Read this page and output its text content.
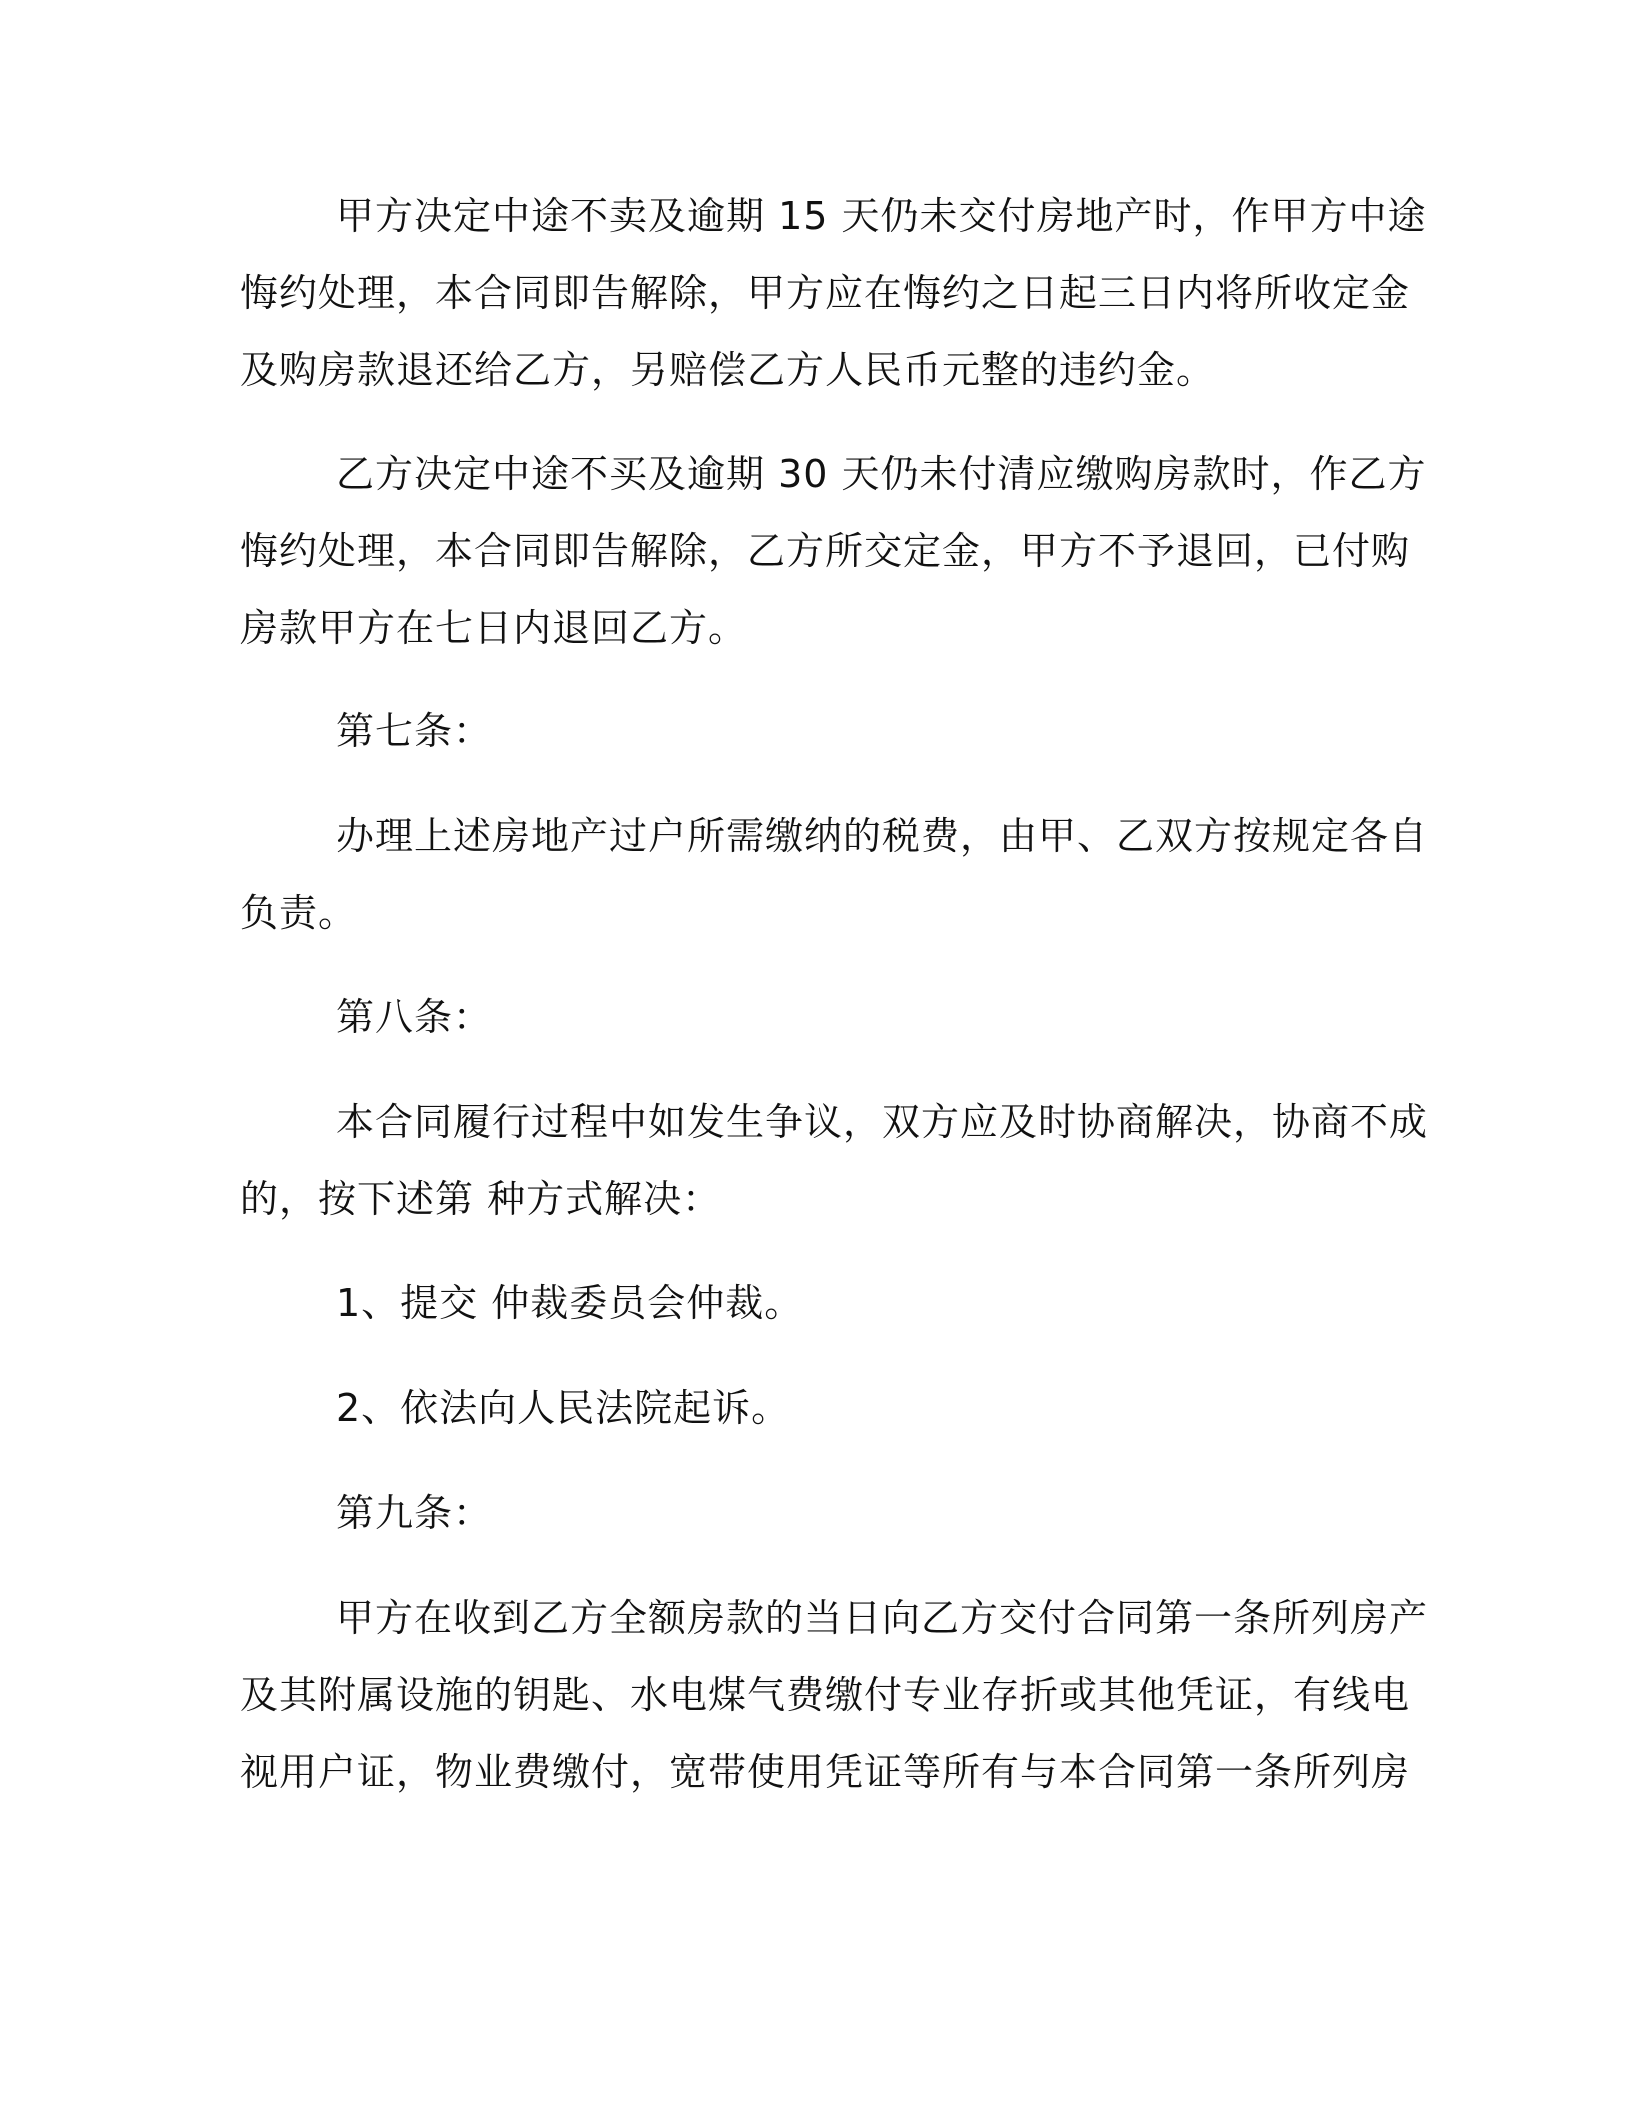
甲方决定中途不卖及逾期 15 天仍未交付房地产时，作甲方中途
悔约处理，本合同即告解除，甲方应在悔约之日起三日内将所收定金
及购房款退还给乙方，另赔偿乙方人民币元整的违约金。
乙方决定中途不买及逾期 30 天仍未付清应缴购房款时，作乙方
悔约处理，本合同即告解除，乙方所交定金，甲方不予退回，已付购
房款甲方在七日内退回乙方。
第七条：
办理上述房地产过户所需缴纳的税费，由甲、乙双方按规定各自
负责。
第八条：
本合同履行过程中如发生争议，双方应及时协商解决，协商不成
的，按下述第 种方式解决：
1、提交 仲裁委员会仲裁。
2、依法向人民法院起诉。
第九条：
甲方在收到乙方全额房款的当日向乙方交付合同第一条所列房产
及其附属设施的钥匙、水电煤气费缴付专业存折或其他凭证，有线电
视用户证，物业费缴付，宽带使用凭证等所有与本合同第一条所列房
